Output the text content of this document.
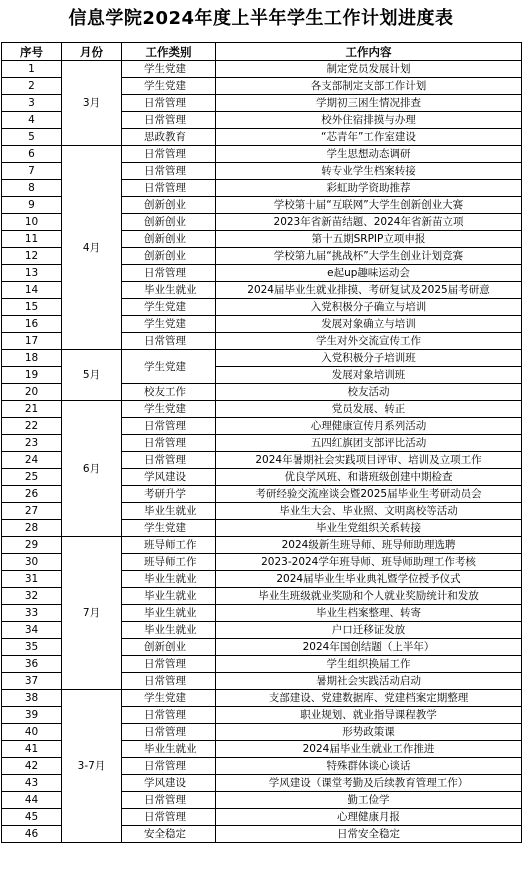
信息学院2024年度上半年学生工作计划进度表
序号	月份	工作类别	工作内容
1	3月	学生党建	制定党员发展计划
2		学生党建	各支部制定支部工作计划
3		日常管理	学期初三困生情况排查
4		日常管理	校外住宿排摸与办理
5		思政教育	“芯青年”工作室建设
6	4月	日常管理	学生思想动态调研
7		日常管理	转专业学生档案转接
8		日常管理	彩虹助学资助推荐
9		创新创业	学校第十届“互联网”大学生创新创业大赛
10		创新创业	2023年省新苗结题、2024年省新苗立项
11		创新创业	第十五期SRPIP立项申报
12		创新创业	学校第九届“挑战杯”大学生创业计划竞赛
13		日常管理	e起up趣味运动会
14		毕业生就业	2024届毕业生就业排摸、考研复试及2025届考研意
15		学生党建	入党积极分子确立与培训
16		学生党建	发展对象确立与培训
17		日常管理	学生对外交流宣传工作
18	5月	学生党建	入党积极分子培训班
19			发展对象培训班
20		校友工作	校友活动
21	6月	学生党建	党员发展、转正
22		日常管理	心理健康宣传月系列活动
23		日常管理	五四红旗团支部评比活动
24		日常管理	2024年暑期社会实践项目评审、培训及立项工作
25		学风建设	优良学风班、和谐班级创建中期检查
26		考研升学	考研经验交流座谈会暨2025届毕业生考研动员会
27		毕业生就业	毕业生大会、毕业照、文明离校等活动
28		学生党建	毕业生党组织关系转接
29	7月	班导师工作	2024级新生班导师、班导师助理选聘
30		班导师工作	2023-2024学年班导师、班导师助理工作考核
31		毕业生就业	2024届毕业生毕业典礼暨学位授予仪式
32		毕业生就业	毕业生班级就业奖励和个人就业奖励统计和发放
33		毕业生就业	毕业生档案整理、转寄
34		毕业生就业	户口迁移证发放
35		创新创业	2024年国创结题（上半年）
36		日常管理	学生组织换届工作
37		日常管理	暑期社会实践活动启动
38	3-7月	学生党建	支部建设、党建数据库、党建档案定期整理
39		日常管理	职业规划、就业指导课程教学
40		日常管理	形势政策课
41		毕业生就业	2024届毕业生就业工作推进
42		日常管理	特殊群体谈心谈话
43		学风建设	学风建设（课堂考勤及后续教育管理工作）
44		日常管理	勤工俭学
45		日常管理	心理健康月报
46		安全稳定	日常安全稳定
